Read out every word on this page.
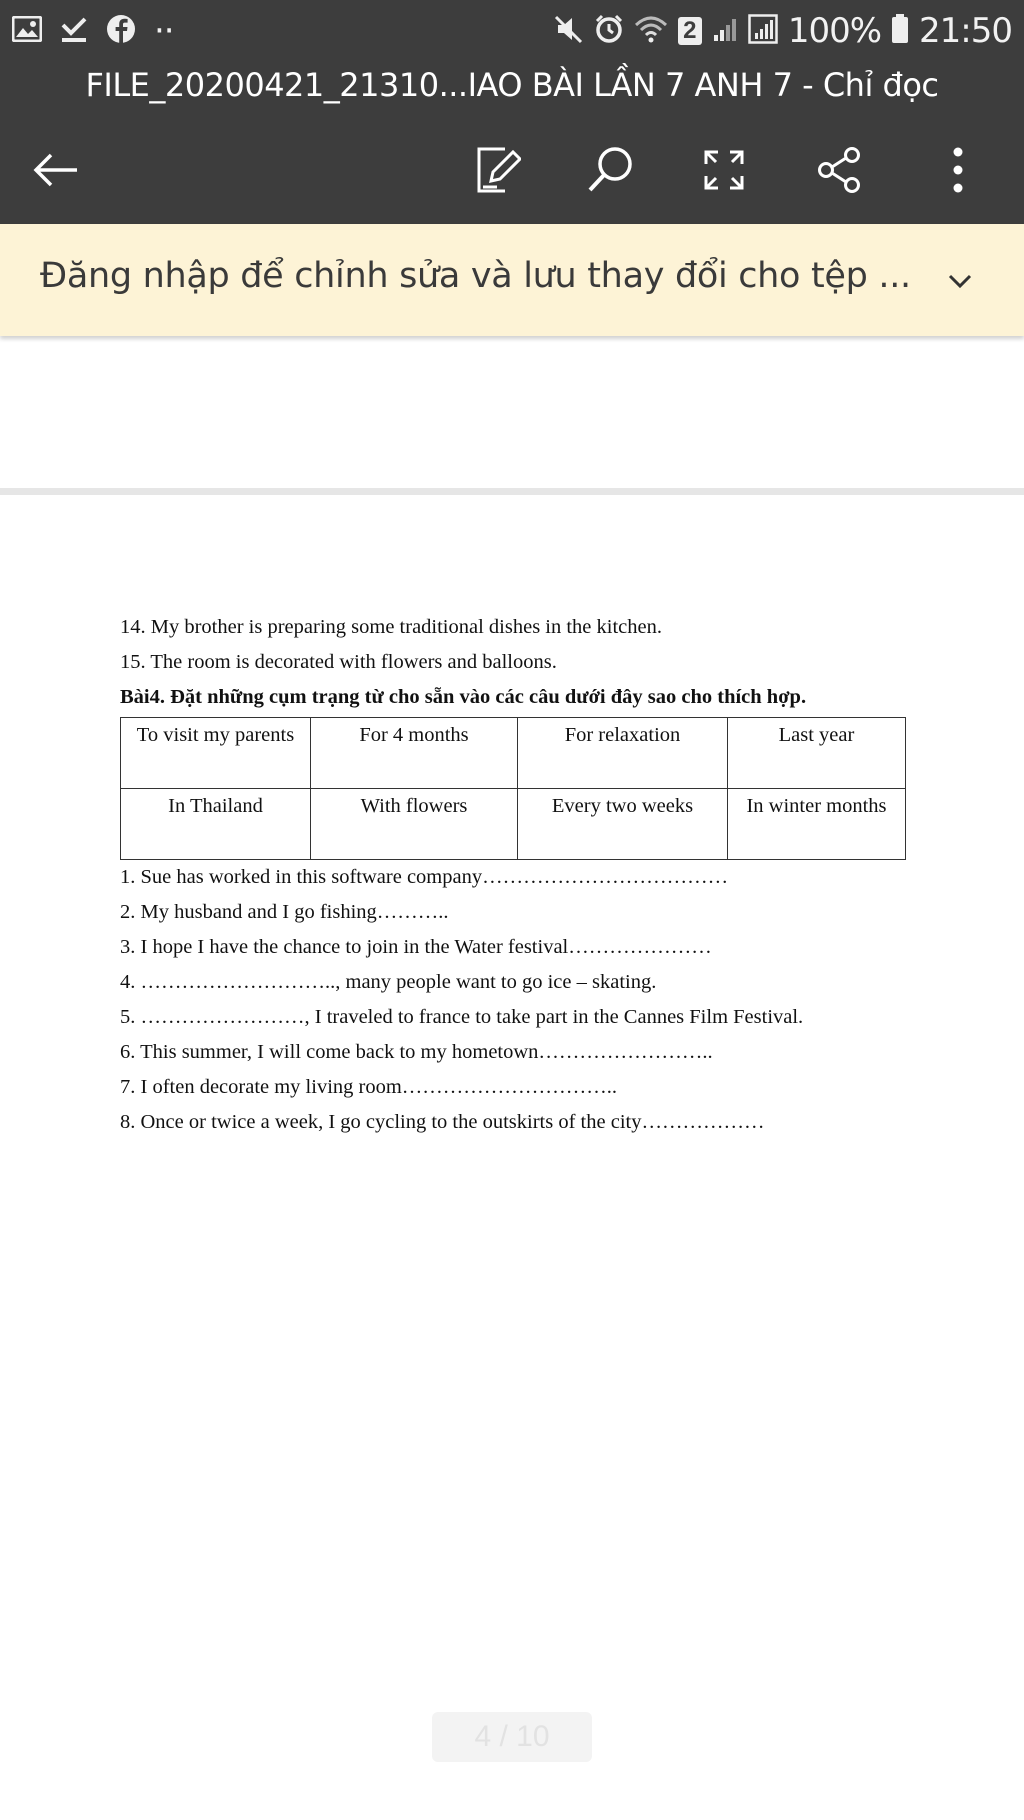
··	2	100% 21:50
FILE_20200421_21310...IAO BÀI LẦN 7 ANH 7 - Chỉ đọc
Đăng nhập để chỉnh sửa và lưu thay đổi cho tệp ...
14. My brother is preparing some traditional dishes in the kitchen.
15. The room is decorated with flowers and balloons.
Bài4. Đặt những cụm trạng từ cho sẵn vào các câu dưới đây sao cho thích hợp.
To visit my parents	For 4 months	For relaxation	Last year
In Thailand	With flowers	Every two weeks	In winter months
1. Sue has worked in this software company………………………………
2. My husband and I go fishing………..
3. I hope I have the chance to join in the Water festival…………………
4. ……………………….., many people want to go ice – skating.
5. ……………………, I traveled to france to take part in the Cannes Film Festival.
6. This summer, I will come back to my hometown……………………..
7. I often decorate my living room…………………………..
8. Once or twice a week, I go cycling to the outskirts of the city………………
4 / 10
